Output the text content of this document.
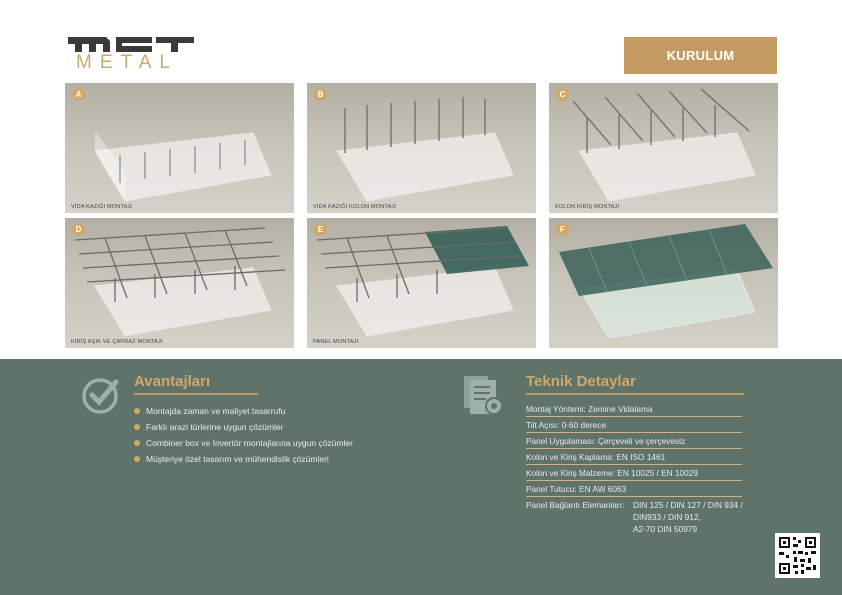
METAL	KURULUM
A
VİDA KAZIĞI MONTAJI
B
VİDA KAZIĞI KOLON MONTAJI
C
KOLON KİRİŞ MONTAJI
D
KİRİŞ AŞIK VE ÇAPRAZ MONTAJI
E
PANEL MONTAJI
F
Avantajları
Montajda zaman ve maliyet tasarrufu
Farklı arazi türlerine uygun çözümler
Combiner box ve İnvertör montajlarına uygun çözümler
Müşteriye özel tasarım ve mühendislik çözümleri
Teknik Detaylar
Montaj Yöntemi: Zemine Vidalama
Tilt Açısı: 0-60 derece
Panel Uygulaması: Çerçeveli ve çerçevesiz
Kolon ve Kiriş Kaplama: EN ISO 1461
Kolon ve Kiriş Malzeme: EN 10025 / EN 10029
Panel Tutucu: EN AW 6063
Panel Bağlantı Elemanları: DIN 125 / DIN 127 / DIN 934 /
DIN933 / DIN 912,
A2-70 DIN 50979
